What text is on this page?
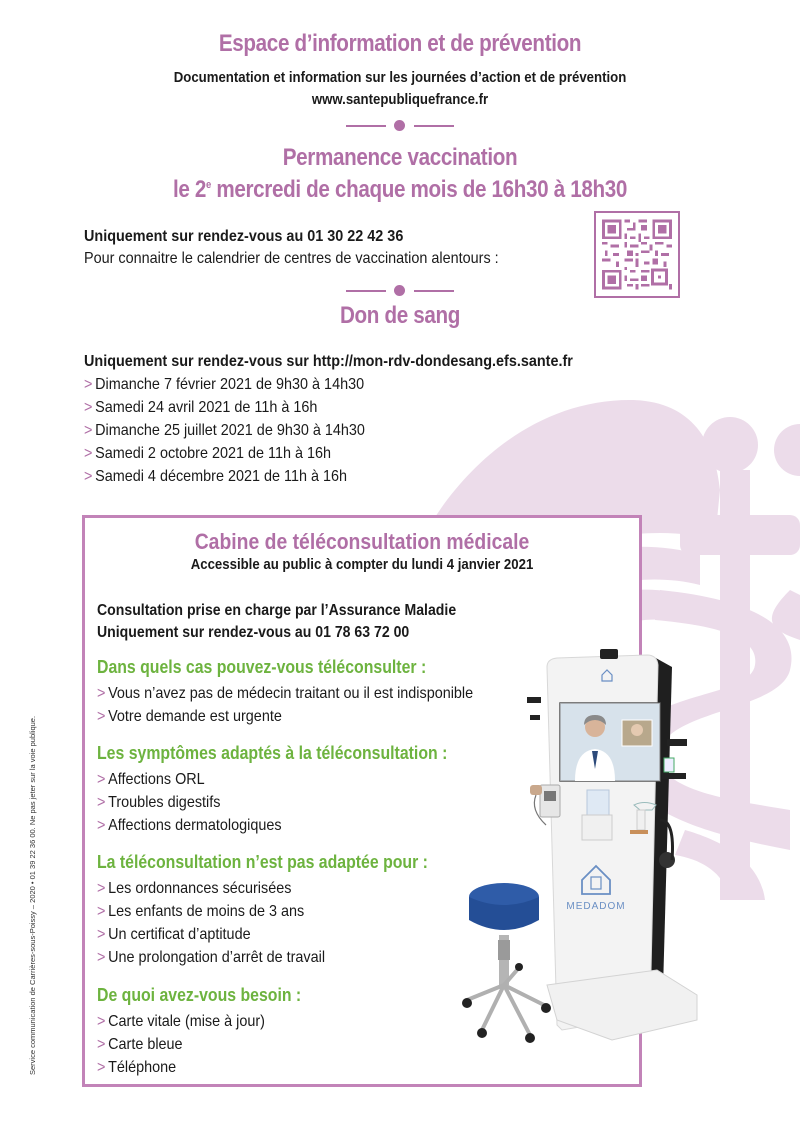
Espace d’information et de prévention
Documentation et information sur les journées d’action et de prévention
www.santepubliquefrance.fr
Permanence vaccination
le 2e mercredi de chaque mois de 16h30 à 18h30
Uniquement sur rendez-vous au 01 30 22 42 36
Pour connaitre le calendrier de centres de vaccination alentours :
Don de sang
Uniquement sur rendez-vous sur http://mon-rdv-dondesang.efs.sante.fr
> Dimanche 7 février 2021 de 9h30 à 14h30
> Samedi 24 avril 2021 de 11h à 16h
> Dimanche 25 juillet 2021 de 9h30 à 14h30
> Samedi 2 octobre 2021 de 11h à 16h
> Samedi 4 décembre 2021 de 11h à 16h
Cabine de téléconsultation médicale
Accessible au public à compter du lundi 4 janvier 2021
Consultation prise en charge par l’Assurance Maladie
Uniquement sur rendez-vous au 01 78 63 72 00
Dans quels cas pouvez-vous téléconsulter :
> Vous n’avez pas de médecin traitant ou il est indisponible
> Votre demande est urgente
Les symptômes adaptés à la téléconsultation :
> Affections ORL
> Troubles digestifs
> Affections dermatologiques
La téléconsultation n’est pas adaptée pour :
> Les ordonnances sécurisées
> Les enfants de moins de 3 ans
> Un certificat d’aptitude
> Une prolongation d’arrêt de travail
De quoi avez-vous besoin :
> Carte vitale (mise à jour)
> Carte bleue
> Téléphone
MEDADOM
Service communication de Carrières-sous-Poissy – 2020 • 01 39 22 36 00. Ne pas jeter sur la voie publique.
